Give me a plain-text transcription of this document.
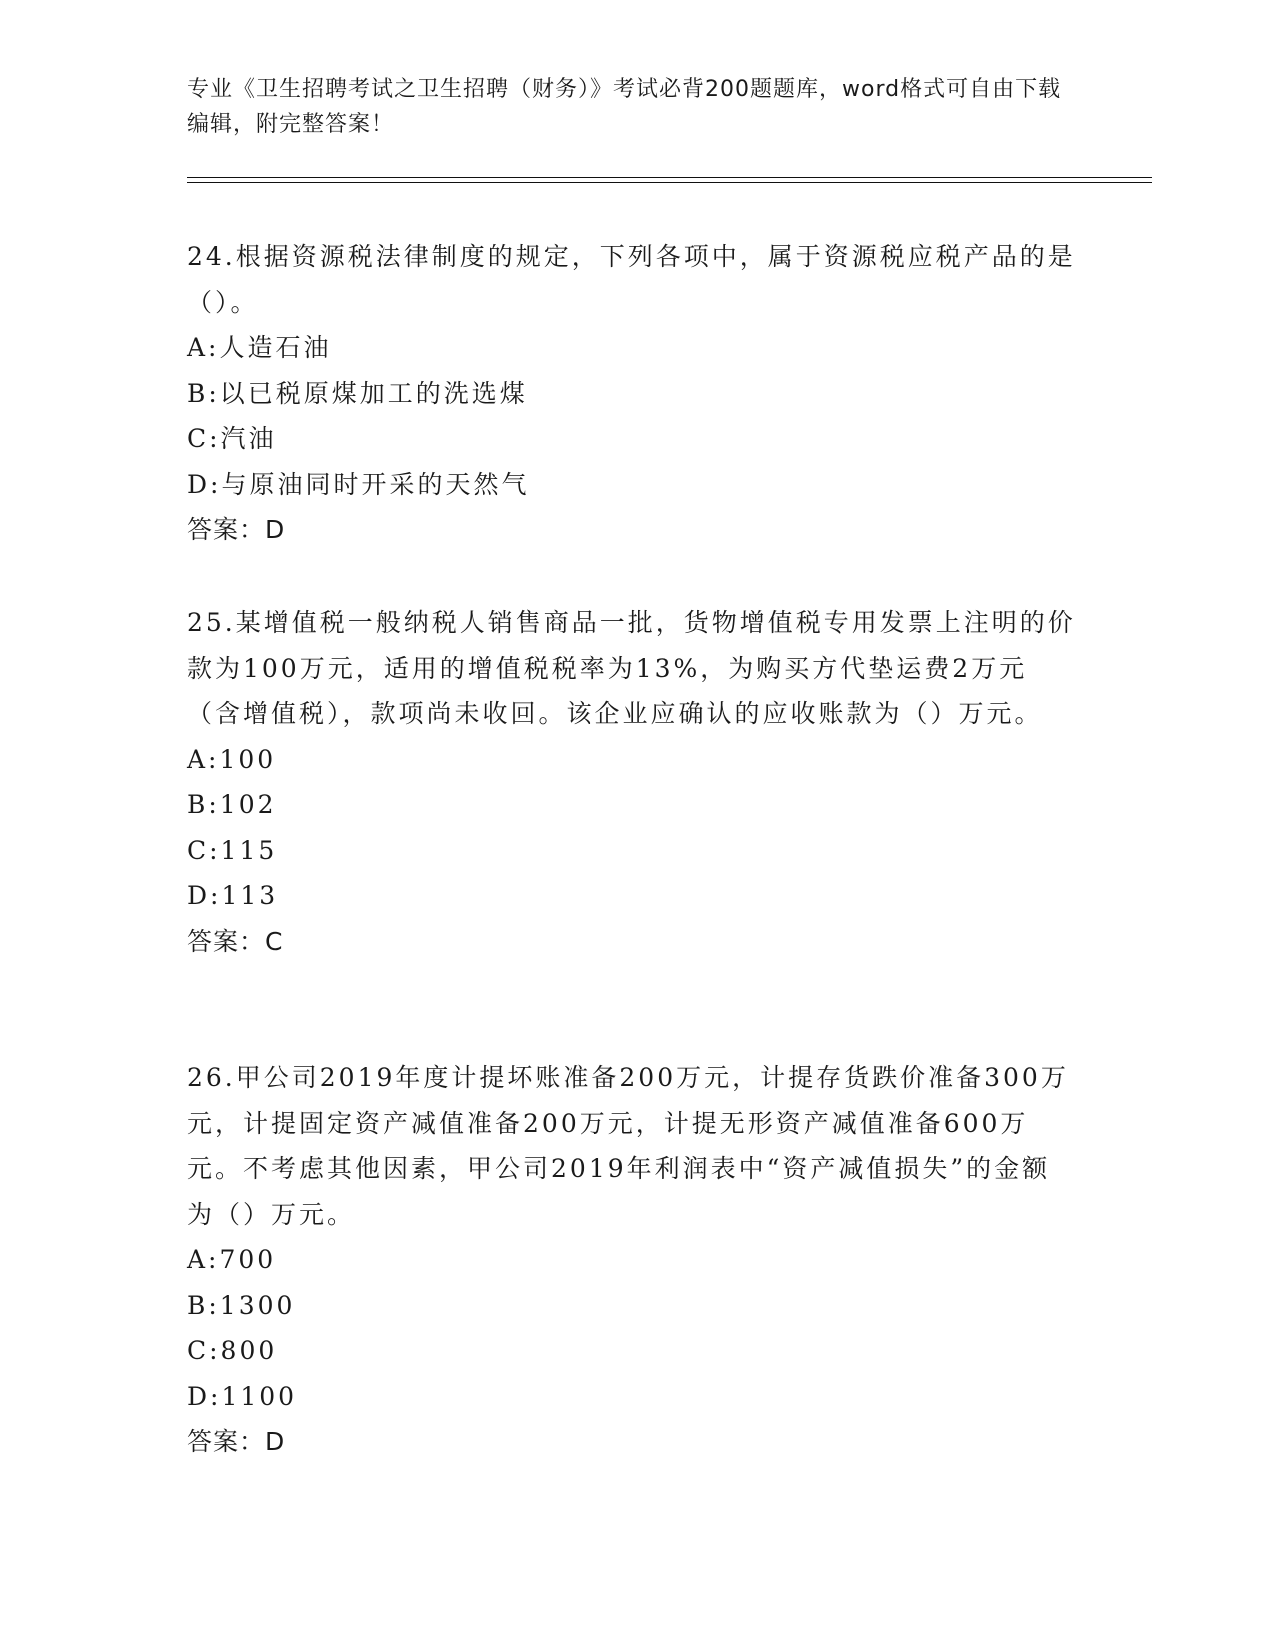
专业《卫生招聘考试之卫生招聘（财务）》考试必背200题题库，word格式可自由下载编辑，附完整答案！
24.根据资源税法律制度的规定，下列各项中，属于资源税应税产品的是（）。
A:人造石油
B:以已税原煤加工的洗选煤
C:汽油
D:与原油同时开采的天然气
答案：D
25.某增值税一般纳税人销售商品一批，货物增值税专用发票上注明的价款为100万元，适用的增值税税率为13%，为购买方代垫运费2万元（含增值税），款项尚未收回。该企业应确认的应收账款为（）万元。
A:100
B:102
C:115
D:113
答案：C
26.甲公司2019年度计提坏账准备200万元，计提存货跌价准备300万元，计提固定资产减值准备200万元，计提无形资产减值准备600万元。不考虑其他因素，甲公司2019年利润表中“资产减值损失”的金额为（）万元。
A:700
B:1300
C:800
D:1100
答案：D
